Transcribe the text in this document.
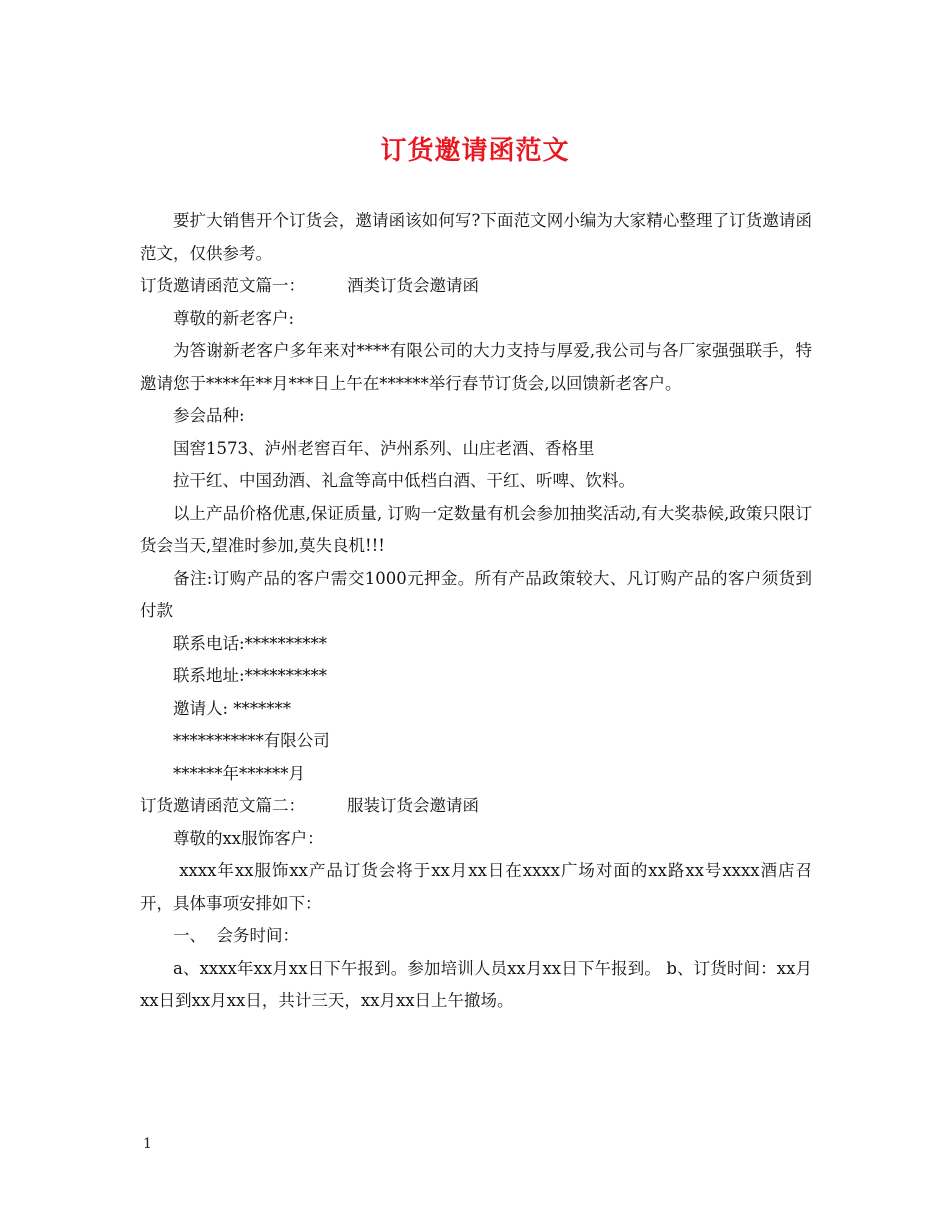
订货邀请函范文

要扩大销售开个订货会，邀请函该如何写?下面范文网小编为大家精心整理了订货邀请函范文，仅供参考。

订货邀请函范文篇一：        酒类订货会邀请函

尊敬的新老客户:

为答谢新老客户多年来对****有限公司的大力支持与厚爱,我公司与各厂家强强联手，特邀请您于****年**月***日上午在******举行春节订货会,以回馈新老客户。

参会品种:

国窖1573、泸州老窖百年、泸州系列、山庄老酒、香格里

拉干红、中国劲酒、礼盒等高中低档白酒、干红、听啤、饮料。

以上产品价格优惠,保证质量, 订购一定数量有机会参加抽奖活动,有大奖恭候,政策只限订货会当天,望准时参加,莫失良机!!!

备注:订购产品的客户需交1000元押金。所有产品政策较大、凡订购产品的客户须货到付款

联系电话:**********

联系地址:**********

邀请人: *******

***********有限公司

******年******月

订货邀请函范文篇二：        服装订货会邀请函

尊敬的xx服饰客户：

xxxx年xx服饰xx产品订货会将于xx月xx日在xxxx广场对面的xx路xx号xxxx酒店召开，具体事项安排如下：

一、  会务时间：

a、xxxx年xx月xx日下午报到。参加培训人员xx月xx日下午报到。 b、订货时间：xx月xx日到xx月xx日，共计三天，xx月xx日上午撤场。

1
